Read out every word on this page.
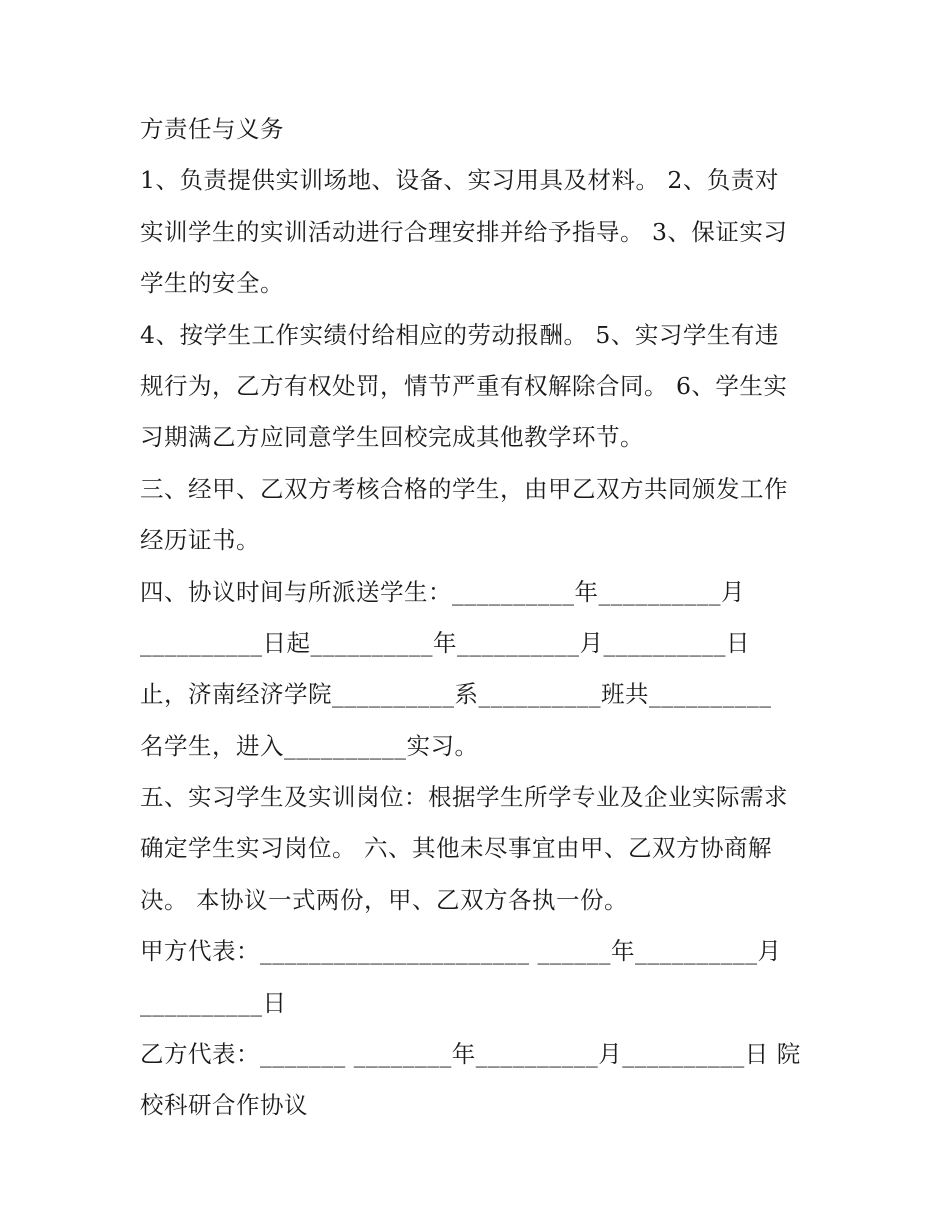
方责任与义务
1、负责提供实训场地、设备、实习用具及材料。 2、负责对
实训学生的实训活动进行合理安排并给予指导。 3、保证实习
学生的安全。
4、按学生工作实绩付给相应的劳动报酬。 5、实习学生有违
规行为，乙方有权处罚，情节严重有权解除合同。 6、学生实
习期满乙方应同意学生回校完成其他教学环节。
三、经甲、乙双方考核合格的学生，由甲乙双方共同颁发工作
经历证书。
四、协议时间与所派送学生：__________年__________月
__________日起__________年__________月__________日
止，济南经济学院__________系__________班共__________
名学生，进入__________实习。
五、实习学生及实训岗位：根据学生所学专业及企业实际需求
确定学生实习岗位。 六、其他未尽事宜由甲、乙双方协商解
决。 本协议一式两份，甲、乙双方各执一份。
甲方代表：______________________ ______年__________月
__________日
乙方代表：_______ ________年__________月__________日 院
校科研合作协议
